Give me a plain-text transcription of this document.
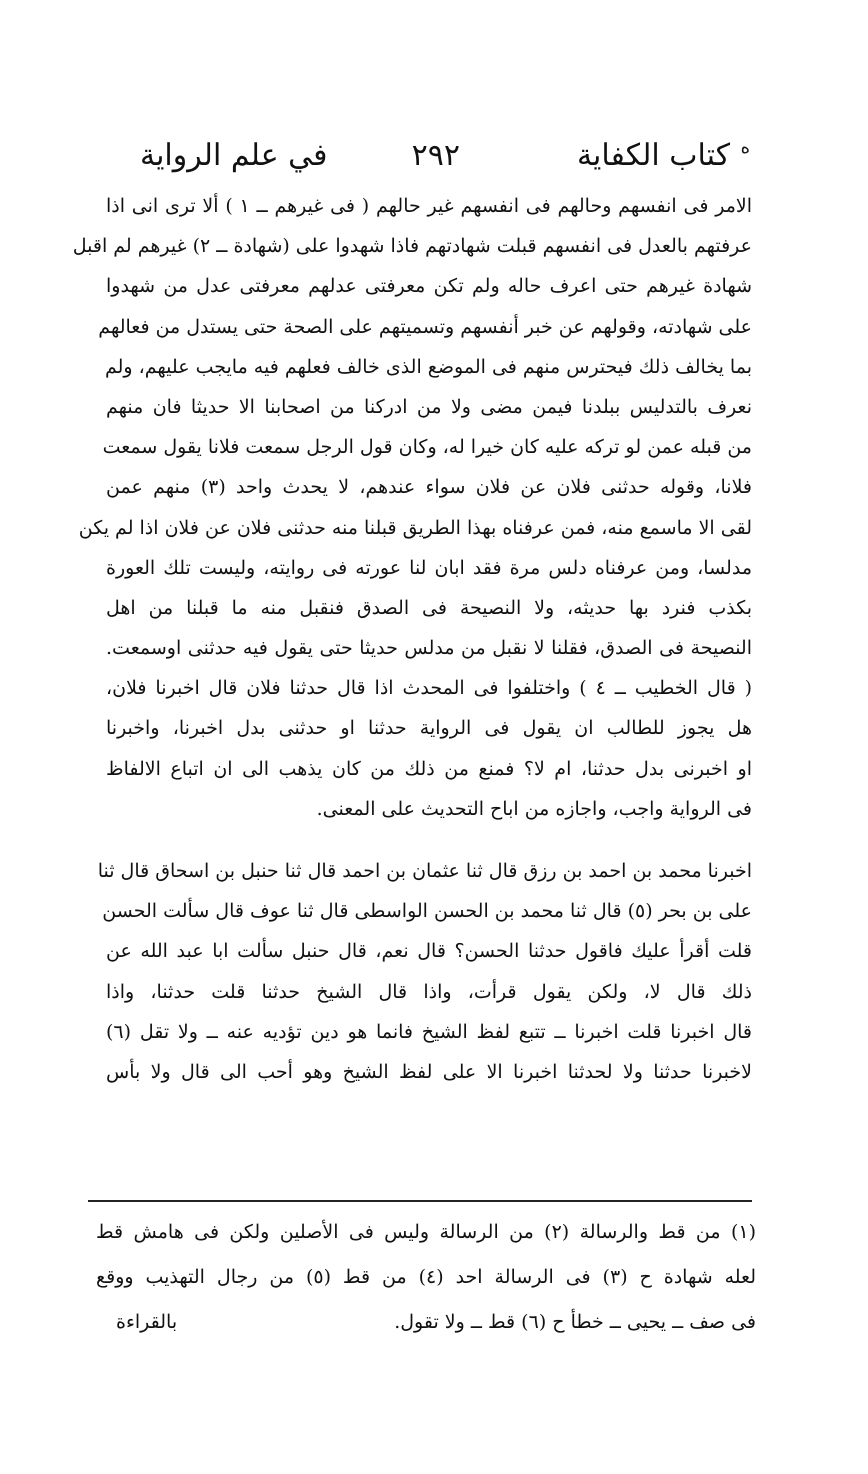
ه
كتاب الكفاية
٢٩٢
في علم الرواية
الامر فى انفسهم وحالهم فى انفسهم غير حالهم ( فى غيرهم ــ ١ ) ألا ترى انى اذا
عرفتهم بالعدل فى انفسهم قبلت شهادتهم فاذا شهدوا على (شهادة ــ ٢) غيرهم لم اقبل
شهادة غيرهم حتى اعرف حاله ولم تكن معرفتى عدلهم معرفتى عدل من شهدوا
على شهادته، وقولهم عن خبر أنفسهم وتسميتهم على الصحة حتى يستدل من فعالهم
بما يخالف ذلك فيحترس منهم فى الموضع الذى خالف فعلهم فيه مايجب عليهم، ولم
نعرف بالتدليس ببلدنا فيمن مضى ولا من ادركنا من اصحابنا الا حديثا فان منهم
من قبله عمن لو تركه عليه كان خيرا له، وكان قول الرجل سمعت فلانا يقول سمعت
فلانا، وقوله حدثنى فلان عن فلان سواء عندهم، لا يحدث واحد (٣) منهم عمن
لقى الا ماسمع منه، فمن عرفناه بهذا الطريق قبلنا منه حدثنى فلان عن فلان اذا لم يكن
مدلسا، ومن عرفناه دلس مرة فقد ابان لنا عورته فى روايته، وليست تلك العورة
بكذب فنرد بها حديثه، ولا النصيحة فى الصدق فنقبل منه ما قبلنا من اهل
النصيحة فى الصدق، فقلنا لا نقبل من مدلس حديثا حتى يقول فيه حدثنى اوسمعت.
( قال الخطيب ــ ٤ ) واختلفوا فى المحدث اذا قال حدثنا فلان قال اخبرنا فلان،
هل يجوز للطالب ان يقول فى الرواية حدثنا او حدثنى بدل اخبرنا، واخبرنا
او اخبرنى بدل حدثنا، ام لا؟ فمنع من ذلك من كان يذهب الى ان اتباع الالفاظ
فى الرواية واجب، واجازه من اباح التحديث على المعنى.
اخبرنا محمد بن احمد بن رزق قال ثنا عثمان بن احمد قال ثنا حنبل بن اسحاق قال ثنا
على بن بحر (٥) قال ثنا محمد بن الحسن الواسطى قال ثنا عوف قال سألت الحسن
قلت أقرأ عليك فاقول حدثنا الحسن؟ قال نعم، قال حنبل سألت ابا عبد الله عن
ذلك قال لا، ولكن يقول قرأت، واذا قال الشيخ حدثنا قلت حدثنا، واذا
قال اخبرنا قلت اخبرنا ــ تتبع لفظ الشيخ فانما هو دين تؤديه عنه ــ ولا تقل (٦)
لاخبرنا حدثنا ولا لحدثنا اخبرنا الا على لفظ الشيخ وهو أحب الى قال ولا بأس
(١) من قط والرسالة (٢) من الرسالة وليس فى الأصلين ولكن فى هامش قط
لعله شهادة ح (٣) فى الرسالة احد (٤) من قط (٥) من رجال التهذيب ووقع
فى صف ــ يحيى ــ خطأ ح (٦) قط ــ ولا تقول.
بالقراءة
